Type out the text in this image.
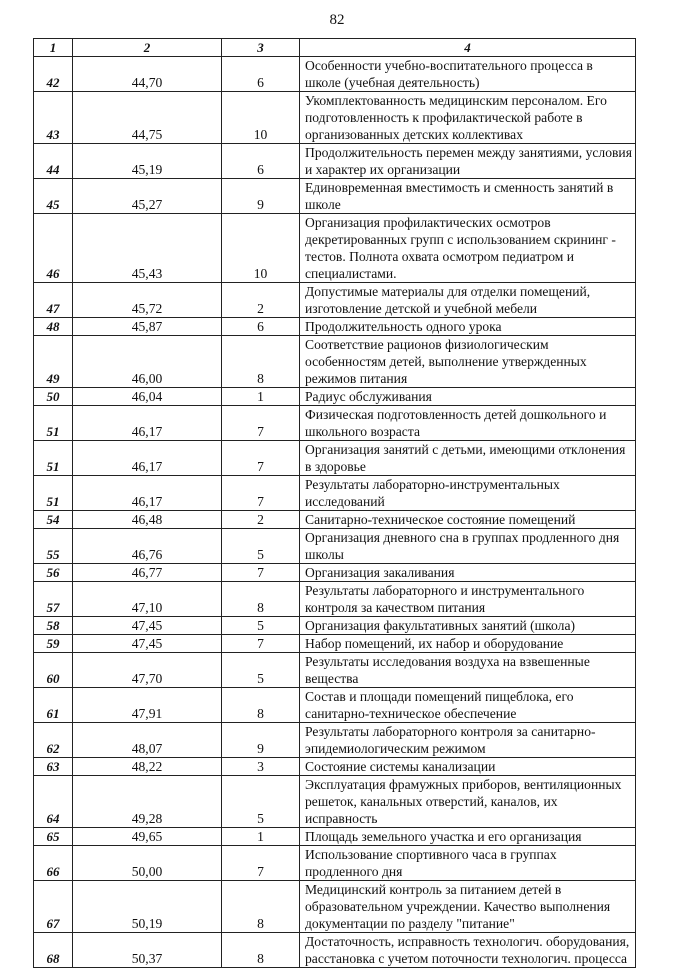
82
1	2	3	4
42	44,70	6	Особенности учебно-воспитательного процесса в школе (учебная деятельность)
43	44,75	10	Укомплектованность медицинским персоналом. Его подготовленность к профилактической работе в организованных детских коллективах
44	45,19	6	Продолжительность перемен между занятиями, условия и характер их организации
45	45,27	9	Единовременная вместимость и сменность занятий в школе
46	45,43	10	Организация профилактических осмотров декретированных групп с использованием скрининг - тестов. Полнота охвата осмотром педиатром и специалистами.
47	45,72	2	Допустимые материалы для отделки помещений, изготовление детской и учебной мебели
48	45,87	6	Продолжительность одного урока
49	46,00	8	Соответствие рационов физиологическим особенностям детей, выполнение утвержденных режимов питания
50	46,04	1	Радиус обслуживания
51	46,17	7	Физическая подготовленность детей дошкольного и школьного возраста
51	46,17	7	Организация занятий с детьми, имеющими отклонения в здоровье
51	46,17	7	Результаты лабораторно-инструментальных исследований
54	46,48	2	Санитарно-техническое состояние помещений
55	46,76	5	Организация дневного сна в группах продленного дня школы
56	46,77	7	Организация закаливания
57	47,10	8	Результаты лабораторного и инструментального контроля за качеством питания
58	47,45	5	Организация факультативных занятий (школа)
59	47,45	7	Набор помещений, их набор и оборудование
60	47,70	5	Результаты исследования воздуха на взвешенные вещества
61	47,91	8	Состав и площади помещений пищеблока, его санитарно-техническое обеспечение
62	48,07	9	Результаты лабораторного контроля за санитарно-эпидемиологическим режимом
63	48,22	3	Состояние системы канализации
64	49,28	5	Эксплуатация фрамужных приборов, вентиляционных решеток, канальных отверстий, каналов, их исправность
65	49,65	1	Площадь земельного участка и его организация
66	50,00	7	Использование спортивного часа в группах продленного дня
67	50,19	8	Медицинский контроль за питанием детей в образовательном учреждении. Качество выполнения документации по разделу "питание"
68	50,37	8	Достаточность, исправность технологич. оборудования, расстановка с учетом поточности технологич. процесса
